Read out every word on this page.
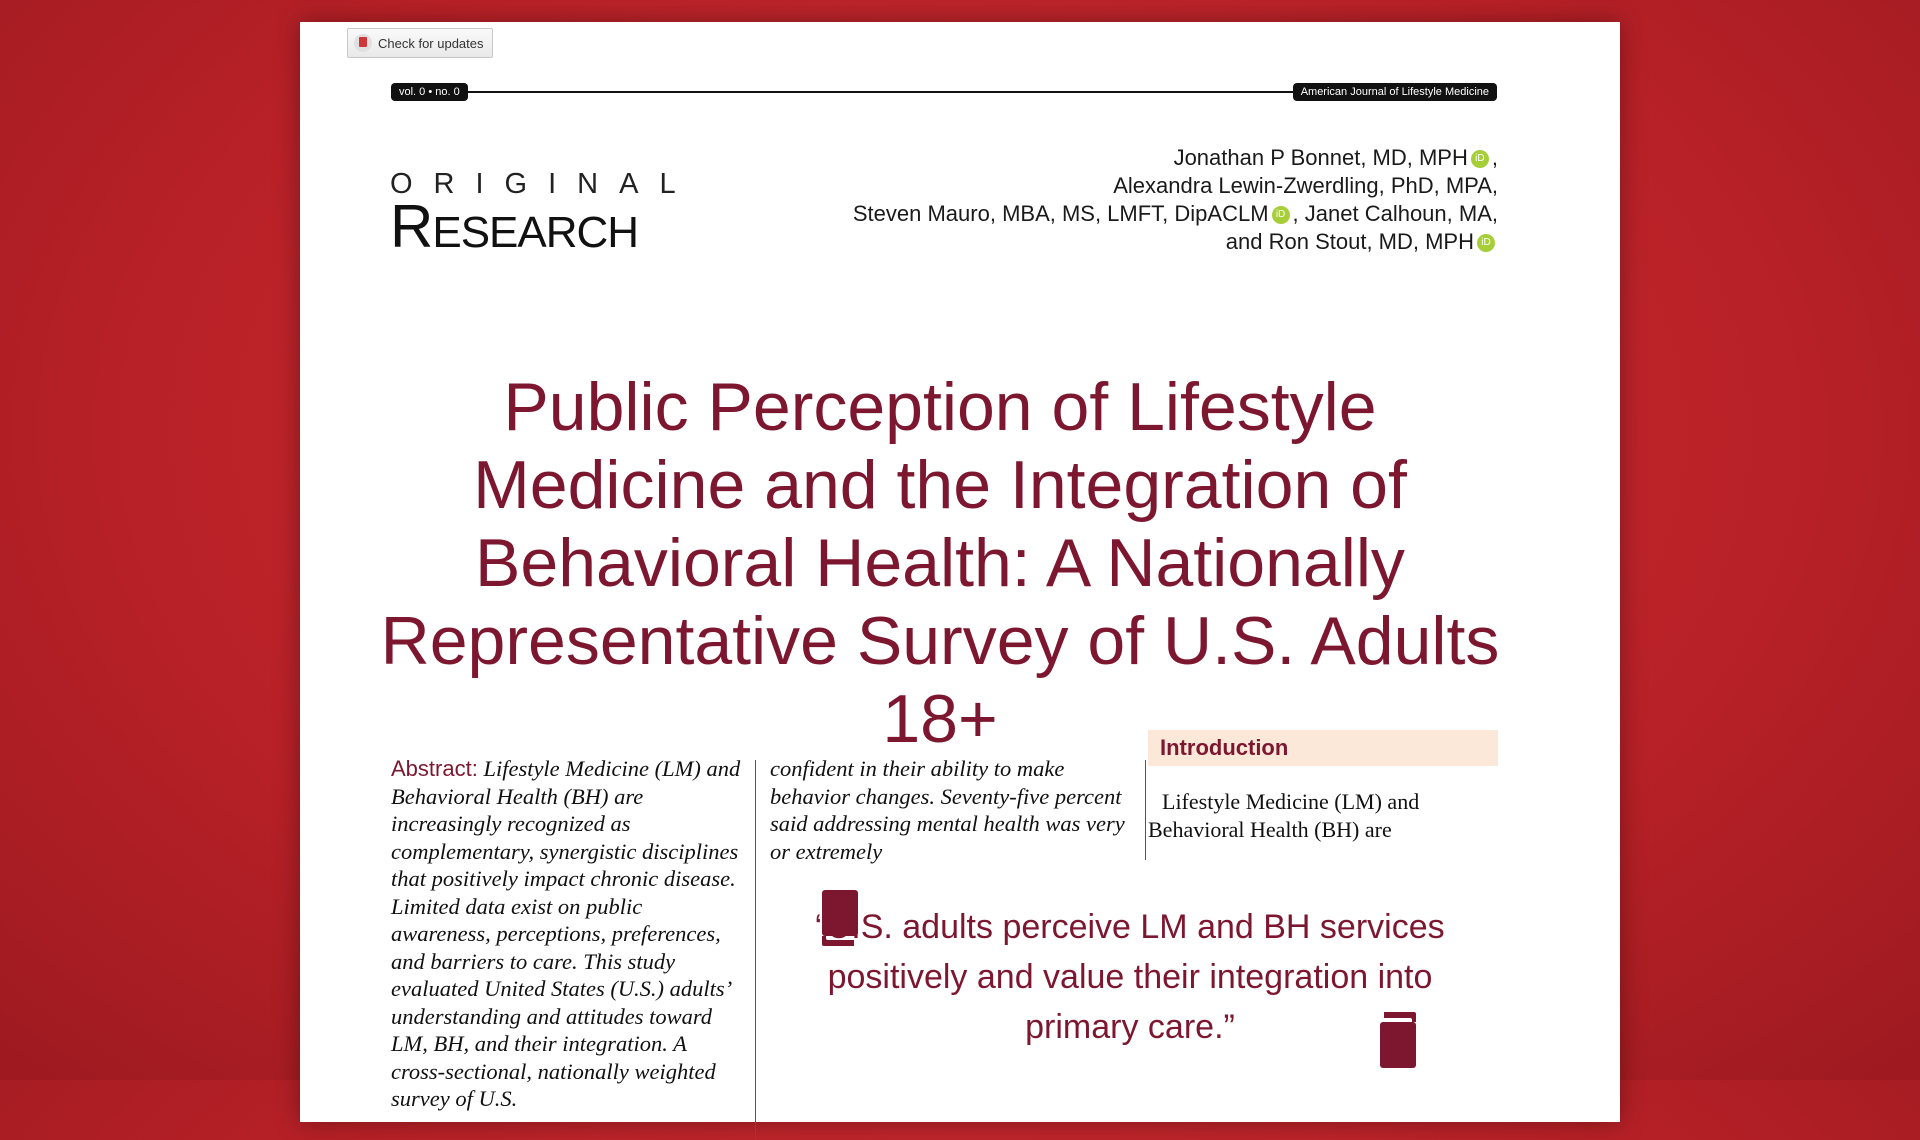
Check for updates
vol. 0 • no. 0	American Journal of Lifestyle Medicine
ORIGINAL
RESEARCH
Jonathan P Bonnet, MD, MPH iD ,
Alexandra Lewin-Zwerdling, PhD, MPA,
Steven Mauro, MBA, MS, LMFT, DipACLM iD , Janet Calhoun, MA,
and Ron Stout, MD, MPH iD
Public Perception of Lifestyle Medicine and the Integration of Behavioral Health: A Nationally Representative Survey of U.S. Adults 18+
Abstract: Lifestyle Medicine (LM) and Behavioral Health (BH) are increasingly recognized as complementary, synergistic disciplines that positively impact chronic disease. Limited data exist on public awareness, perceptions, preferences, and barriers to care. This study evaluated United States (U.S.) adults’ understanding and attitudes toward LM, BH, and their integration. A cross-sectional, nationally weighted survey of U.S.
confident in their ability to make behavior changes. Seventy-five percent said addressing mental health was very or extremely
Introduction
Lifestyle Medicine (LM) and Behavioral Health (BH) are
“U.S. adults perceive LM and BH services positively and value their integration into primary care.”
